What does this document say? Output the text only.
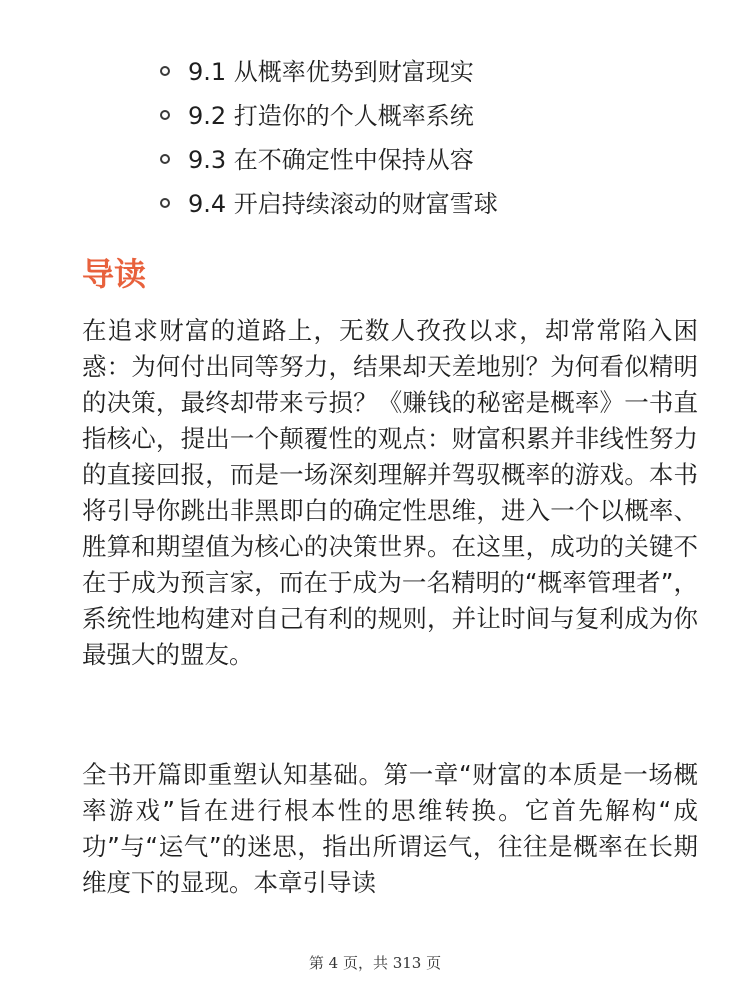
9.1 从概率优势到财富现实
9.2 打造你的个人概率系统
9.3 在不确定性中保持从容
9.4 开启持续滚动的财富雪球
导读

在追求财富的道路上，无数人孜孜以求，却常常陷入困惑：为何付出同等努力，结果却天差地别？为何看似精明的决策，最终却带来亏损？《赚钱的秘密是概率》一书直指核心，提出一个颠覆性的观点：财富积累并非线性努力的直接回报，而是一场深刻理解并驾驭概率的游戏。本书将引导你跳出非黑即白的确定性思维，进入一个以概率、胜算和期望值为核心的决策世界。在这里，成功的关键不在于成为预言家，而在于成为一名精明的“概率管理者”，系统性地构建对自己有利的规则，并让时间与复利成为你最强大的盟友。

全书开篇即重塑认知基础。第一章“财富的本质是一场概率游戏”旨在进行根本性的思维转换。它首先解构“成功”与“运气”的迷思，指出所谓运气，往往是概率在长期维度下的显现。本章引导读

第 4 页，共 313 页
